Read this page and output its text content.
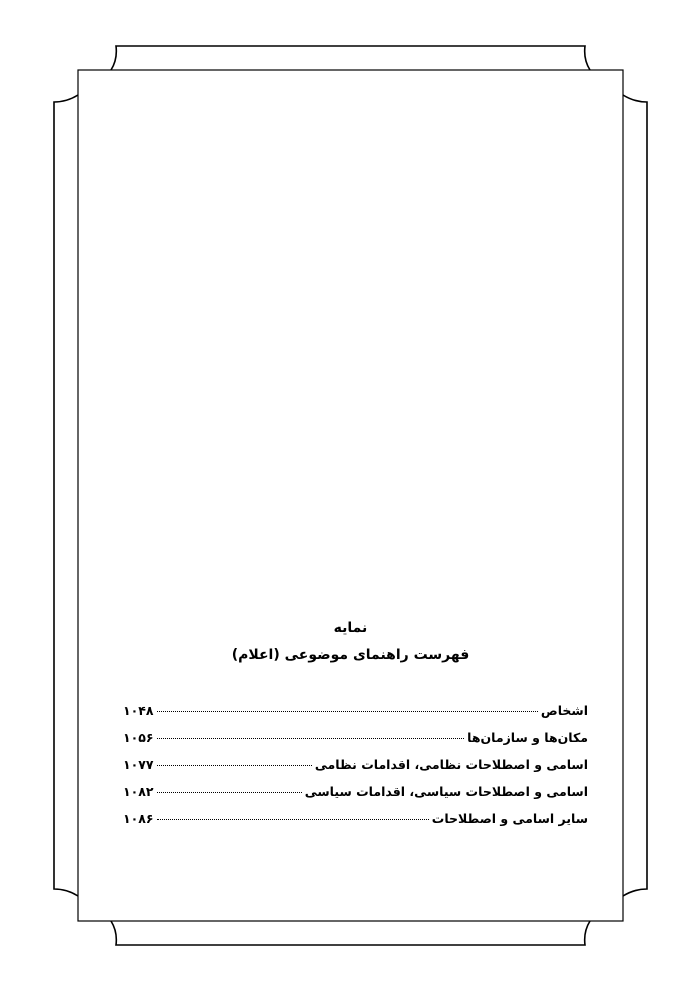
نمایه
فهرست راهنمای موضوعی (اعلام)
اشخاص
۱۰۴۸
مکان‌ها و سازمان‌ها
۱۰۵۶
اسامی و اصطلاحات نظامی، اقدامات نظامی
۱۰۷۷
اسامی و اصطلاحات سیاسی، اقدامات سیاسی
۱۰۸۲
سایر اسامی و اصطلاحات
۱۰۸۶
